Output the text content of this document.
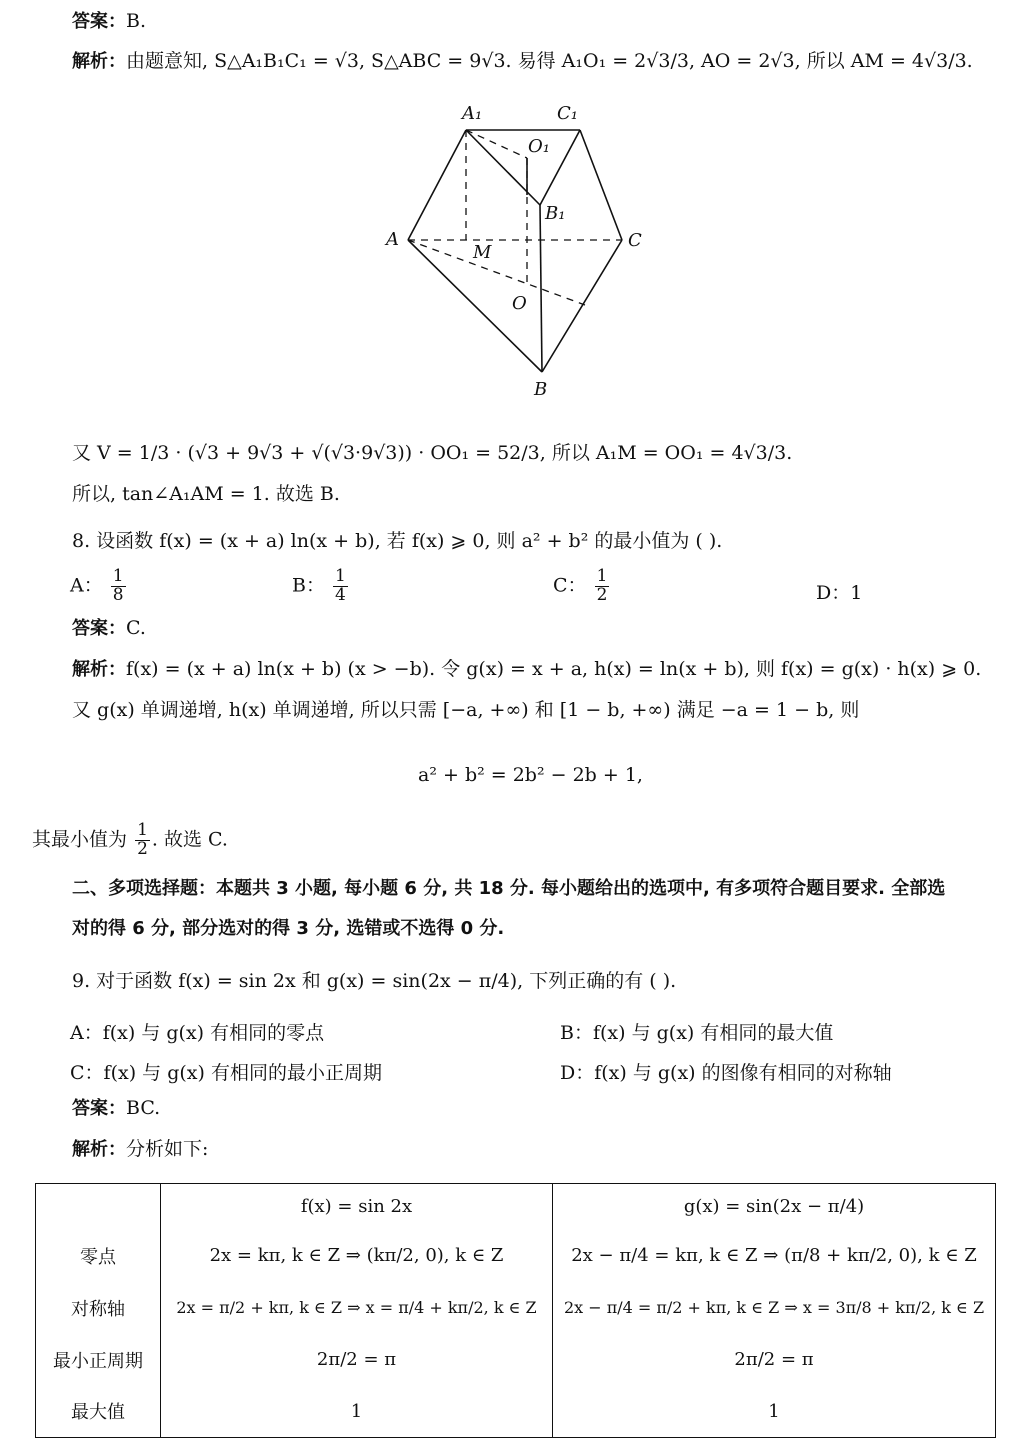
答案：B.
解析：由题意知, S△A₁B₁C₁ = √3, S△ABC = 9√3. 易得 A₁O₁ = 2√3/3, AO = 2√3, 所以 AM = 4√3/3.
A₁	C₁
O₁
B₁
A	C
M
O
B
又 V = 1/3 · (√3 + 9√3 + √(√3·9√3)) · OO₁ = 52/3, 所以 A₁M = OO₁ = 4√3/3.
所以, tan∠A₁AM = 1. 故选 B.
8. 设函数 f(x) = (x + a) ln(x + b), 若 f(x) ⩾ 0, 则 a² + b² 的最小值为 ( ).
A： $\frac{1}{8}$	B： $\frac{1}{4}$	C： $\frac{1}{2}$	D：1
答案：C.
解析：f(x) = (x + a) ln(x + b) (x > −b). 令 g(x) = x + a, h(x) = ln(x + b), 则 f(x) = g(x) · h(x) ⩾ 0.
又 g(x) 单调递增, h(x) 单调递增, 所以只需 [−a, +∞) 和 [1 − b, +∞) 满足 −a = 1 − b, 则
a² + b² = 2b² − 2b + 1,
其最小值为 $\frac{1}{2}$ . 故选 C.
二、多项选择题：本题共 3 小题, 每小题 6 分, 共 18 分. 每小题给出的选项中, 有多项符合题目要求. 全部选
对的得 6 分, 部分选对的得 3 分, 选错或不选得 0 分.
9. 对于函数 f(x) = sin 2x 和 g(x) = sin(2x − π/4), 下列正确的有 ( ).
A：f(x) 与 g(x) 有相同的零点	B：f(x) 与 g(x) 有相同的最大值
C：f(x) 与 g(x) 有相同的最小正周期	D：f(x) 与 g(x) 的图像有相同的对称轴
答案：BC.
解析：分析如下:
	f(x) = sin 2x	g(x) = sin(2x − π/4)
零点	2x = kπ, k ∈ Z ⇒ (kπ/2, 0), k ∈ Z	2x − π/4 = kπ, k ∈ Z ⇒ (π/8 + kπ/2, 0), k ∈ Z
对称轴	2x = π/2 + kπ, k ∈ Z ⇒ x = π/4 + kπ/2, k ∈ Z	2x − π/4 = π/2 + kπ, k ∈ Z ⇒ x = 3π/8 + kπ/2, k ∈ Z
最小正周期	2π/2 = π	2π/2 = π
最大值	1	1
